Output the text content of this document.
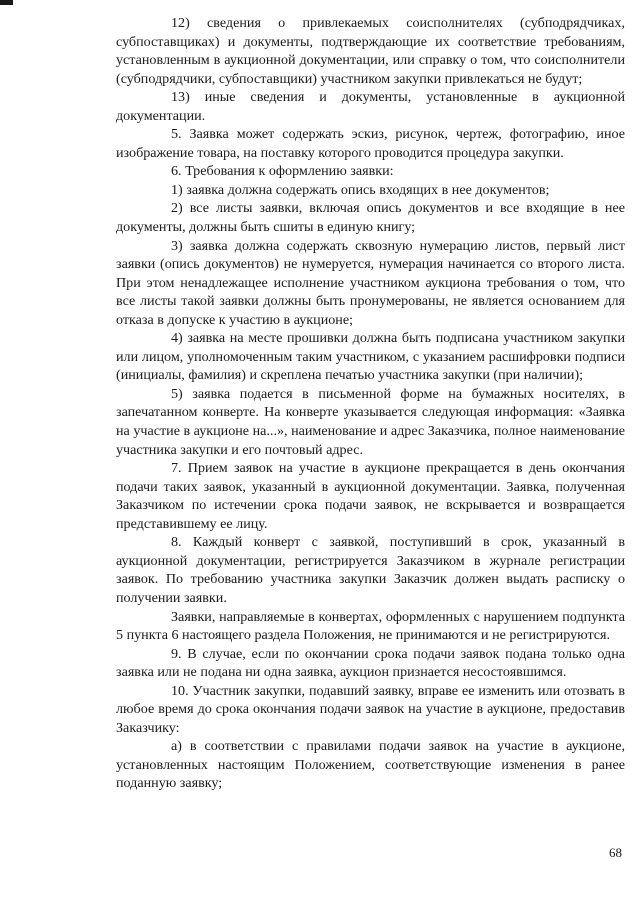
12) сведения о привлекаемых соисполнителях (субподрядчиках, субпоставщиках) и документы, подтверждающие их соответствие требованиям, установленным в аукционной документации, или справку о том, что соисполнители (субподрядчики, субпоставщики) участником закупки привлекаться не будут;

13) иные сведения и документы, установленные в аукционной документации.

5. Заявка может содержать эскиз, рисунок, чертеж, фотографию, иное изображение товара, на поставку которого проводится процедура закупки.

6. Требования к оформлению заявки:

1) заявка должна содержать опись входящих в нее документов;

2) все листы заявки, включая опись документов и все входящие в нее документы, должны быть сшиты в единую книгу;

3) заявка должна содержать сквозную нумерацию листов, первый лист заявки (опись документов) не нумеруется, нумерация начинается со второго листа. При этом ненадлежащее исполнение участником аукциона требования о том, что все листы такой заявки должны быть пронумерованы, не является основанием для отказа в допуске к участию в аукционе;

4) заявка на месте прошивки должна быть подписана участником закупки или лицом, уполномоченным таким участником, с указанием расшифровки подписи (инициалы, фамилия) и скреплена печатью участника закупки (при наличии);

5) заявка подается в письменной форме на бумажных носителях, в запечатанном конверте. На конверте указывается следующая информация: «Заявка на участие в аукционе на...», наименование и адрес Заказчика, полное наименование участника закупки и его почтовый адрес.

7. Прием заявок на участие в аукционе прекращается в день окончания подачи таких заявок, указанный в аукционной документации. Заявка, полученная Заказчиком по истечении срока подачи заявок, не вскрывается и возвращается представившему ее лицу.

8. Каждый конверт с заявкой, поступивший в срок, указанный в аукционной документации, регистрируется Заказчиком в журнале регистрации заявок. По требованию участника закупки Заказчик должен выдать расписку о получении заявки.

Заявки, направляемые в конвертах, оформленных с нарушением подпункта 5 пункта 6 настоящего раздела Положения, не принимаются и не регистрируются.

9. В случае, если по окончании срока подачи заявок подана только одна заявка или не подана ни одна заявка, аукцион признается несостоявшимся.

10. Участник закупки, подавший заявку, вправе ее изменить или отозвать в любое время до срока окончания подачи заявок на участие в аукционе, предоставив Заказчику:

а) в соответствии с правилами подачи заявок на участие в аукционе, установленных настоящим Положением, соответствующие изменения в ранее поданную заявку;

68
